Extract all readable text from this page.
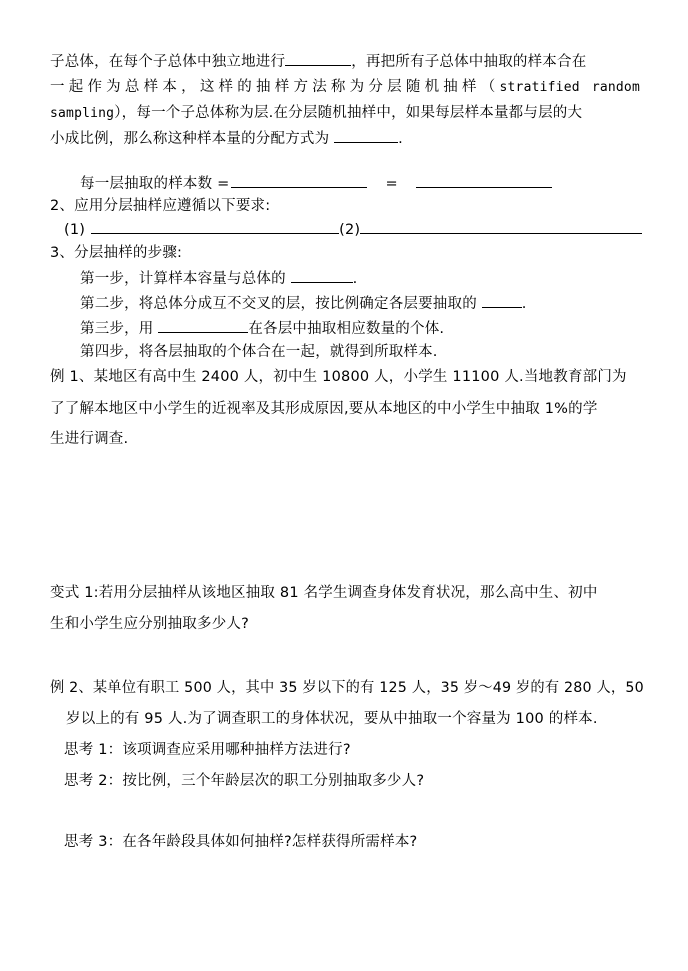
子总体，在每个子总体中独立地进行	，再把所有子总体中抽取的样本合在
一起作为总样本，这样的抽样方法称为分层随机抽样（stratified random
sampling），每一个子总体称为层.在分层随机抽样中，如果每层样本量都与层的大
小成比例，那么称这种样本量的分配方式为	.
每一层抽取的样本数 =	=
2、应用分层抽样应遵循以下要求:
(1)	(2)
3、分层抽样的步骤:
第一步，计算样本容量与总体的	.
第二步，将总体分成互不交叉的层，按比例确定各层要抽取的	.
第三步，用	在各层中抽取相应数量的个体.
第四步，将各层抽取的个体合在一起，就得到所取样本.
例 1、某地区有高中生 2400 人，初中生 10800 人，小学生 11100 人.当地教育部门为
了了解本地区中小学生的近视率及其形成原因,要从本地区的中小学生中抽取 1%的学
生进行调查.
变式 1:若用分层抽样从该地区抽取 81 名学生调查身体发育状况，那么高中生、初中
生和小学生应分别抽取多少人?
例 2、某单位有职工 500 人，其中 35 岁以下的有 125 人，35 岁～49 岁的有 280 人，50
岁以上的有 95 人.为了调查职工的身体状况，要从中抽取一个容量为 100 的样本.
思考 1：该项调查应采用哪种抽样方法进行?
思考 2：按比例，三个年龄层次的职工分别抽取多少人?
思考 3：在各年龄段具体如何抽样?怎样获得所需样本?
